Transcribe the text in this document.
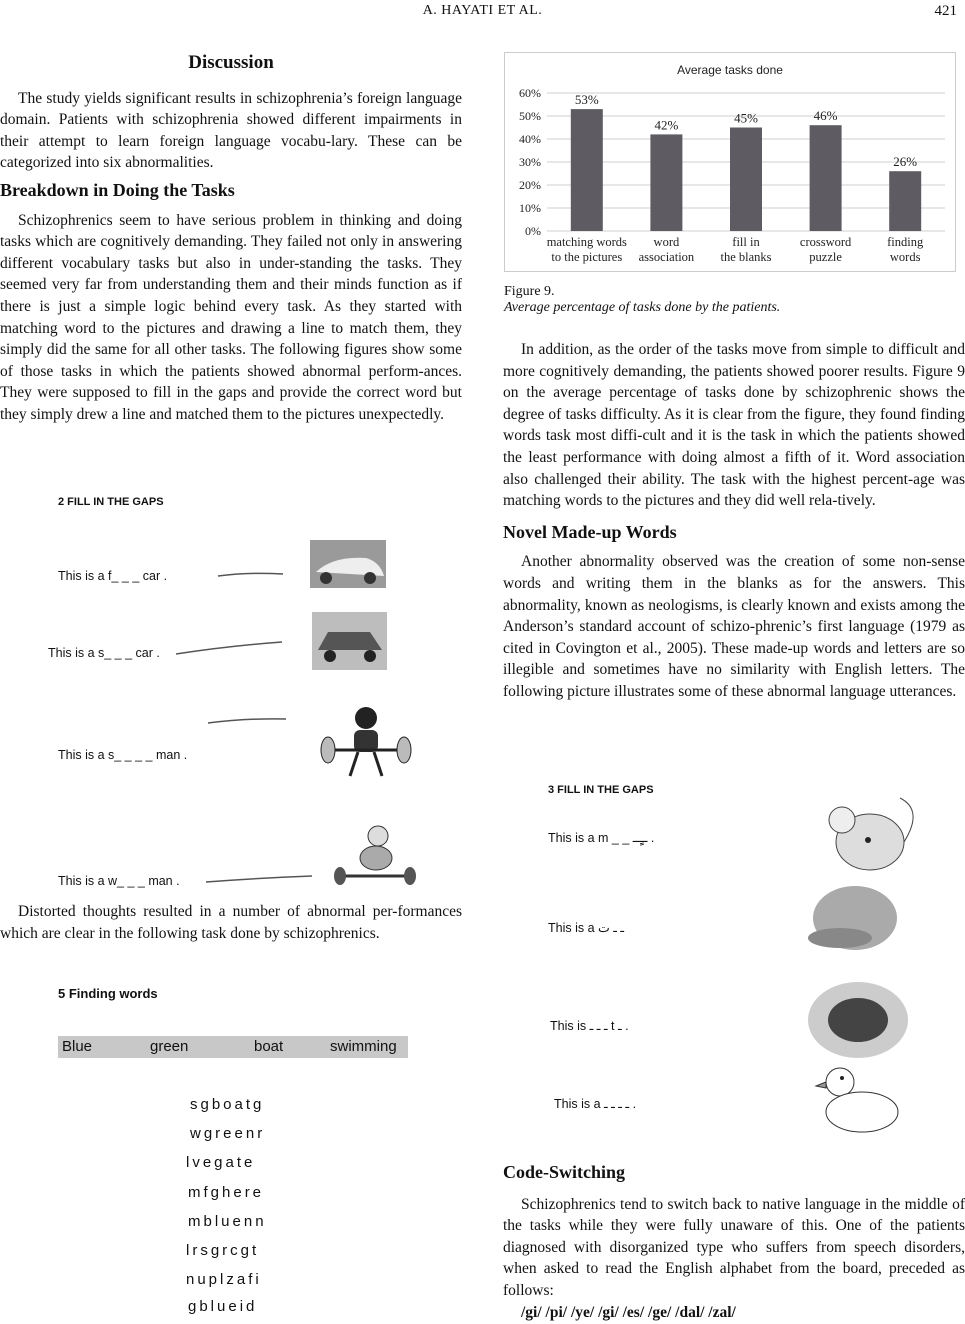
A. HAYATI ET AL.	421
Discussion

The study yields significant results in schizophrenia’s foreign language domain. Patients with schizophrenia showed different impairments in their attempt to learn foreign language vocabu-lary. These can be categorized into six abnormalities.

Breakdown in Doing the Tasks

Schizophrenics seem to have serious problem in thinking and doing tasks which are cognitively demanding. They failed not only in answering different vocabulary tasks but also in under-standing the tasks. They seemed very far from understanding them and their minds function as if there is just a simple logic behind every task. As they started with matching word to the pictures and drawing a line to match them, they simply did the same for all other tasks. The following figures show some of those tasks in which the patients showed abnormal perform-ances. They were supposed to fill in the gaps and provide the correct word but they simply drew a line and matched them to the pictures unexpectedly.

2 FILL IN THE GAPS
This is a f_ _ _ car .
This is a s_ _ _ car .
This is a s_ _ _ _ man .
This is a w_ _ _ man .

Distorted thoughts resulted in a number of abnormal per-formances which are clear in the following task done by schizophrenics.

5 Finding words
Blue	green	boat	swimming
sgboatg
wgreenr
lvegate
mfghere
mbluenn
lrsgrcgt
nuplzafi
gblueid
Average tasks done
0%
10%
20%
30%
40%
50%
60%	53%
matching words
to the pictures
42%
word
association
45%
fill in
the blanks
46%
crossword
puzzle
26%
finding
words
Figure 9.
Average percentage of tasks done by the patients.

In addition, as the order of the tasks move from simple to difficult and more cognitively demanding, the patients showed poorer results. Figure 9 on the average percentage of tasks done by schizophrenic shows the degree of tasks difficulty. As it is clear from the figure, they found finding words task most diffi-cult and it is the task in which the patients showed the least performance with doing almost a fifth of it. Word association also challenged their ability. The task with the highest percent-age was matching words to the pictures and they did well rela-tively.

Novel Made-up Words

Another abnormality observed was the creation of some non-sense words and writing them in the blanks as for the answers. This abnormality, known as neologisms, is clearly known and exists among the Anderson’s standard account of schizo-phrenic’s first language (1979 as cited in Covington et al., 2005). These made-up words and letters are so illegible and sometimes have no similarity with English letters. The following picture illustrates some of these abnormal language utterances.

3 FILL IN THE GAPS
This is a m _ _ ــٍٍــ .
This is a ـ ـ ت
This is ـ ـ ـ t ـ .
This is a ـ ـ ـ ـ .
Code-Switching

Schizophrenics tend to switch back to native language in the middle of the tasks while they were fully unaware of this. One of the patients diagnosed with disorganized type who suffers from speech disorders, when asked to read the English alphabet from the board, preceded as follows:

/gi/ /pi/ /ye/ /gi/ /es/ /ge/ /dal/ /zal/
